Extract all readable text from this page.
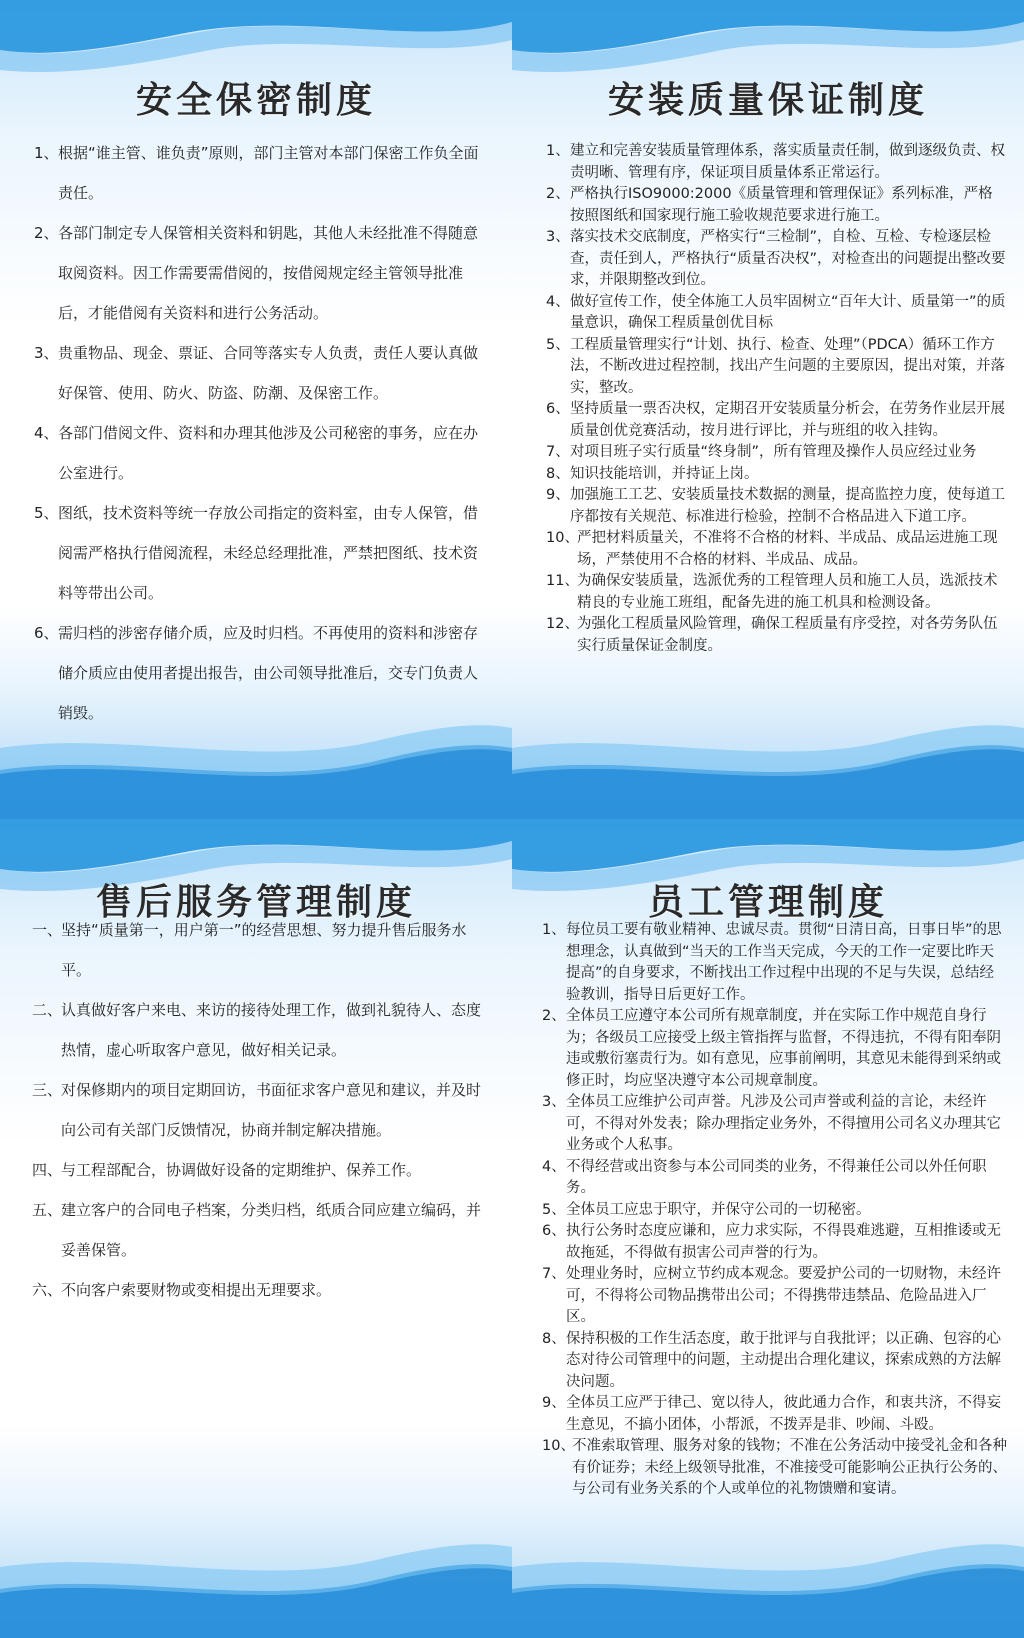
安全保密制度
1、 根据“谁主管、谁负责”原则，部门主管对本部门保密工作负全面责任。
2、 各部门制定专人保管相关资料和钥匙，其他人未经批准不得随意取阅资料。因工作需要需借阅的，按借阅规定经主管领导批准后，才能借阅有关资料和进行公务活动。
3、 贵重物品、现金、票证、合同等落实专人负责，责任人要认真做好保管、使用、防火、防盗、防潮、及保密工作。
4、 各部门借阅文件、资料和办理其他涉及公司秘密的事务，应在办公室进行。
5、 图纸，技术资料等统一存放公司指定的资料室，由专人保管，借阅需严格执行借阅流程，未经总经理批准，严禁把图纸、技术资料等带出公司。
6、 需归档的涉密存储介质，应及时归档。不再使用的资料和涉密存储介质应由使用者提出报告，由公司领导批准后，交专门负责人销毁。
安装质量保证制度
1、 建立和完善安装质量管理体系，落实质量责任制，做到逐级负责、权责明晰、管理有序，保证项目质量体系正常运行。
2、 严格执行ISO9000:2000《质量管理和管理保证》系列标准，严格按照图纸和国家现行施工验收规范要求进行施工。
3、 落实技术交底制度，严格实行“三检制”，自检、互检、专检逐层检查，责任到人，严格执行“质量否决权”，对检查出的问题提出整改要求，并限期整改到位。
4、 做好宣传工作，使全体施工人员牢固树立“百年大计、质量第一”的质量意识，确保工程质量创优目标
5、 工程质量管理实行“计划、执行、检查、处理”（PDCA）循环工作方法，不断改进过程控制，找出产生问题的主要原因，提出对策，并落实，整改。
6、 坚持质量一票否决权，定期召开安装质量分析会，在劳务作业层开展质量创优竞赛活动，按月进行评比，并与班组的收入挂钩。
7、 对项目班子实行质量“终身制”，所有管理及操作人员应经过业务
8、 知识技能培训，并持证上岗。
9、 加强施工工艺、安装质量技术数据的测量，提高监控力度，使每道工序都按有关规范、标准进行检验，控制不合格品进入下道工序。
10、
严把材料质量关，不准将不合格的材料、半成品、成品运进施工现场，严禁使用不合格的材料、半成品、成品。
11、
为确保安装质量，选派优秀的工程管理人员和施工人员，选派技术精良的专业施工班组，配备先进的施工机具和检测设备。
12、
为强化工程质量风险管理，确保工程质量有序受控，对各劳务队伍实行质量保证金制度。
售后服务管理制度
一、
坚持“质量第一，用户第一”的经营思想、努力提升售后服务水平。
二、
认真做好客户来电、来访的接待处理工作，做到礼貌待人、态度热情，虚心听取客户意见，做好相关记录。
三、
对保修期内的项目定期回访，书面征求客户意见和建议，并及时向公司有关部门反馈情况，协商并制定解决措施。
四、
与工程部配合，协调做好设备的定期维护、保养工作。
五、
建立客户的合同电子档案，分类归档，纸质合同应建立编码，并妥善保管。
六、
不向客户索要财物或变相提出无理要求。
员工管理制度
1、 每位员工要有敬业精神、忠诚尽责。贯彻“日清日高，日事日毕”的思想理念，认真做到“当天的工作当天完成，今天的工作一定要比昨天提高”的自身要求，不断找出工作过程中出现的不足与失误，总结经验教训，指导日后更好工作。
2、 全体员工应遵守本公司所有规章制度，并在实际工作中规范自身行为；各级员工应接受上级主管指挥与监督，不得违抗，不得有阳奉阴违或敷衍塞责行为。如有意见，应事前阐明，其意见未能得到采纳或修正时，均应坚决遵守本公司规章制度。
3、 全体员工应维护公司声誉。凡涉及公司声誉或利益的言论，未经许可，不得对外发表；除办理指定业务外，不得擅用公司名义办理其它业务或个人私事。
4、 不得经营或出资参与本公司同类的业务，不得兼任公司以外任何职务。
5、 全体员工应忠于职守，并保守公司的一切秘密。
6、 执行公务时态度应谦和，应力求实际，不得畏难逃避，互相推诿或无故拖延，不得做有损害公司声誉的行为。
7、 处理业务时，应树立节约成本观念。要爱护公司的一切财物，未经许可，不得将公司物品携带出公司；不得携带违禁品、危险品进入厂区。
8、 保持积极的工作生活态度，敢于批评与自我批评；以正确、包容的心态对待公司管理中的问题，主动提出合理化建议，探索成熟的方法解决问题。
9、 全体员工应严于律己、宽以待人，彼此通力合作，和衷共济，不得妄生意见，不搞小团体，小帮派，不拨弄是非、吵闹、斗殴。
10、
不准索取管理、服务对象的钱物；不准在公务活动中接受礼金和各种有价证券；未经上级领导批准，不准接受可能影响公正执行公务的、与公司有业务关系的个人或单位的礼物馈赠和宴请。
